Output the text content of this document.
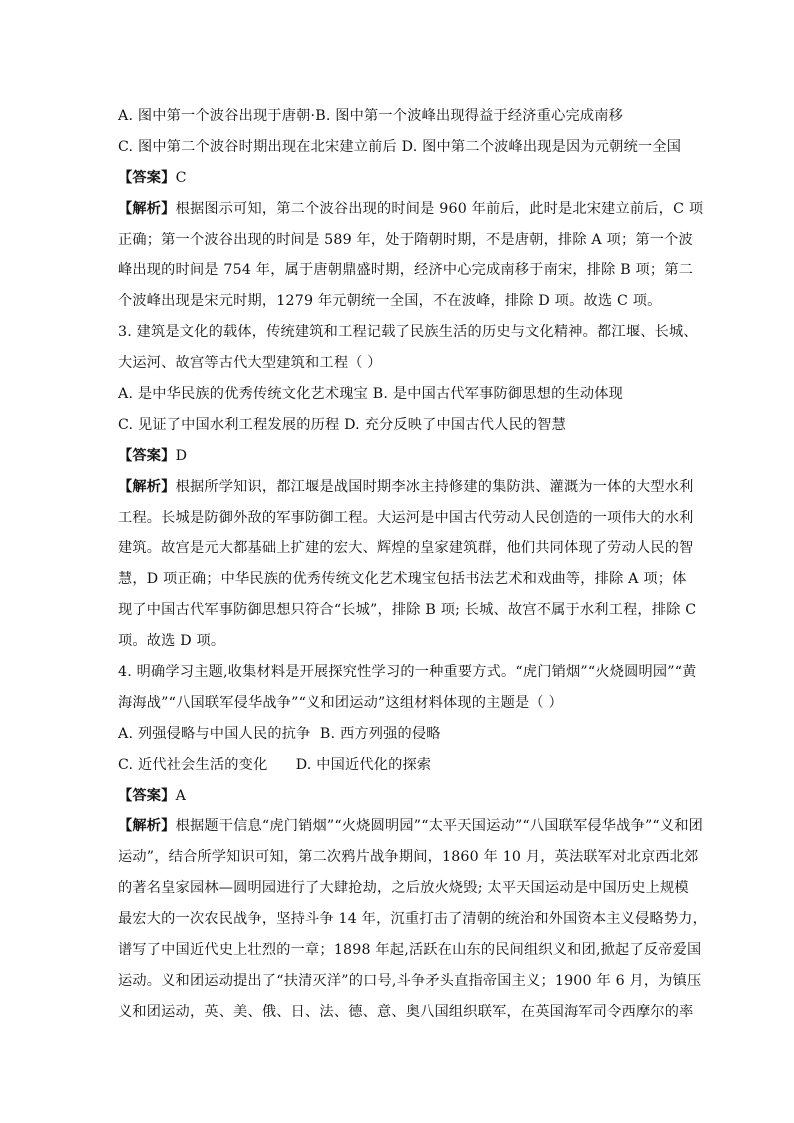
A. 图中第一个波谷出现于唐朝·B. 图中第一个波峰出现得益于经济重心完成南移
C. 图中第二个波谷时期出现在北宋建立前后 D. 图中第二个波峰出现是因为元朝统一全国
【答案】C
【解析】根据图示可知，第二个波谷出现的时间是 960 年前后，此时是北宋建立前后，C 项
正确；第一个波谷出现的时间是 589 年，处于隋朝时期，不是唐朝，排除 A 项；第一个波
峰出现的时间是 754 年，属于唐朝鼎盛时期，经济中心完成南移于南宋，排除 B 项；第二
个波峰出现是宋元时期，1279 年元朝统一全国，不在波峰，排除 D 项。故选 C 项。
3. 建筑是文化的载体，传统建筑和工程记载了民族生活的历史与文化精神。都江堰、长城、
大运河、故宫等古代大型建筑和工程（ ）
A. 是中华民族的优秀传统文化艺术瑰宝 B. 是中国古代军事防御思想的生动体现
C. 见证了中国水利工程发展的历程 D. 充分反映了中国古代人民的智慧
【答案】D
【解析】根据所学知识，都江堰是战国时期李冰主持修建的集防洪、灌溉为一体的大型水利
工程。长城是防御外敌的军事防御工程。大运河是中国古代劳动人民创造的一项伟大的水利
建筑。故宫是元大都基础上扩建的宏大、辉煌的皇家建筑群，他们共同体现了劳动人民的智
慧，D 项正确；中华民族的优秀传统文化艺术瑰宝包括书法艺术和戏曲等，排除 A 项；体
现了中国古代军事防御思想只符合“长城”，排除 B 项; 长城、故宫不属于水利工程，排除 C
项。故选 D 项。
4. 明确学习主题,收集材料是开展探究性学习的一种重要方式。“虎门销烟”“火烧圆明园”“黄
海海战”“八国联军侵华战争”“义和团运动”这组材料体现的主题是（ ）
A. 列强侵略与中国人民的抗争  B. 西方列强的侵略
C. 近代社会生活的变化      D. 中国近代化的探索
【答案】A
【解析】根据题干信息“虎门销烟”“火烧圆明园”“太平天国运动”“八国联军侵华战争”“义和团
运动”，结合所学知识可知，第二次鸦片战争期间，1860 年 10 月，英法联军对北京西北郊
的著名皇家园林—圆明园进行了大肆抢劫，之后放火烧毁; 太平天国运动是中国历史上规模
最宏大的一次农民战争，坚持斗争 14 年，沉重打击了清朝的统治和外国资本主义侵略势力，
谱写了中国近代史上壮烈的一章；1898 年起,活跃在山东的民间组织义和团,掀起了反帝爱国
运动。义和团运动提出了“扶清灭洋”的口号,斗争矛头直指帝国主义；1900 年 6 月，为镇压
义和团运动，英、美、俄、日、法、德、意、奥八国组织联军，在英国海军司令西摩尔的率
